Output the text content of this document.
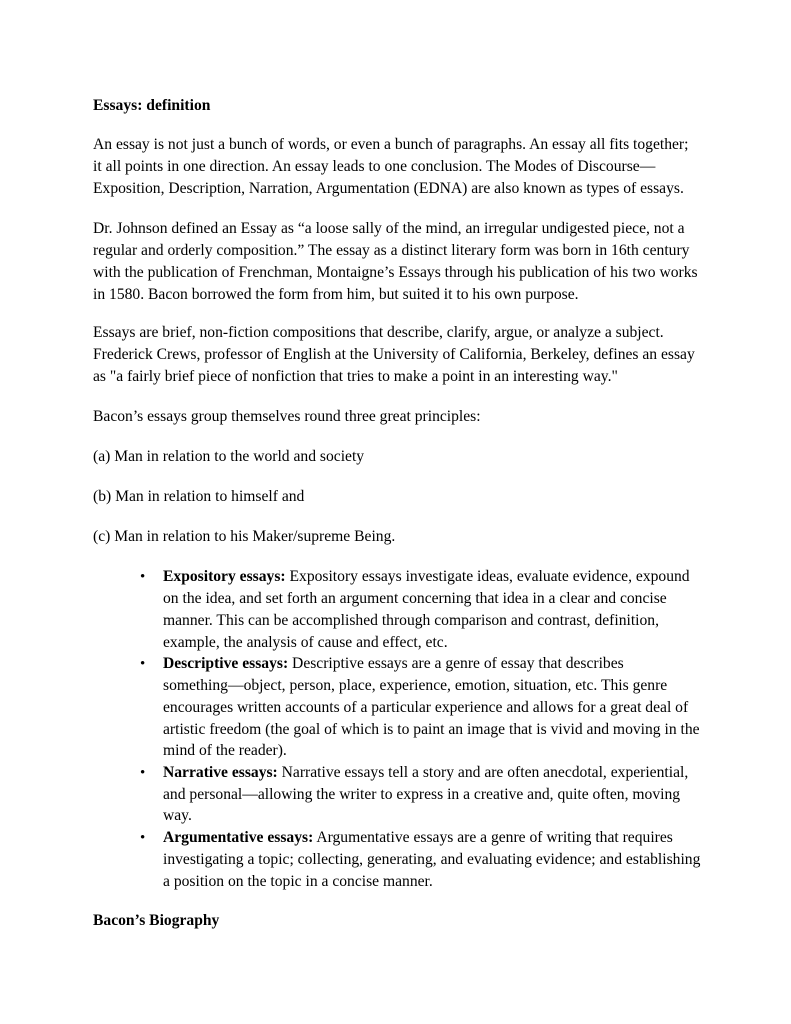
Essays: definition

An essay is not just a bunch of words, or even a bunch of paragraphs. An essay all fits together;

it all points in one direction. An essay leads to one conclusion. The Modes of Discourse—

Exposition, Description, Narration, Argumentation (EDNA) are also known as types of essays.

Dr. Johnson defined an Essay as “a loose sally of the mind, an irregular undigested piece, not a

regular and orderly composition.” The essay as a distinct literary form was born in 16th century

with the publication of Frenchman, Montaigne’s Essays through his publication of his two works

in 1580. Bacon borrowed the form from him, but suited it to his own purpose.

Essays are brief, non-fiction compositions that describe, clarify, argue, or analyze a subject.

Frederick Crews, professor of English at the University of California, Berkeley, defines an essay

as "a fairly brief piece of nonfiction that tries to make a point in an interesting way."

Bacon’s essays group themselves round three great principles:

(a) Man in relation to the world and society

(b) Man in relation to himself and

(c) Man in relation to his Maker/supreme Being.

• Expository essays: Expository essays investigate ideas, evaluate evidence, expound

on the idea, and set forth an argument concerning that idea in a clear and concise

manner. This can be accomplished through comparison and contrast, definition,

example, the analysis of cause and effect, etc.

• Descriptive essays: Descriptive essays are a genre of essay that describes

something—object, person, place, experience, emotion, situation, etc. This genre

encourages written accounts of a particular experience and allows for a great deal of

artistic freedom (the goal of which is to paint an image that is vivid and moving in the

mind of the reader).

• Narrative essays: Narrative essays tell a story and are often anecdotal, experiential,

and personal—allowing the writer to express in a creative and, quite often, moving

way.

• Argumentative essays: Argumentative essays are a genre of writing that requires

investigating a topic; collecting, generating, and evaluating evidence; and establishing

a position on the topic in a concise manner.

Bacon’s Biography
